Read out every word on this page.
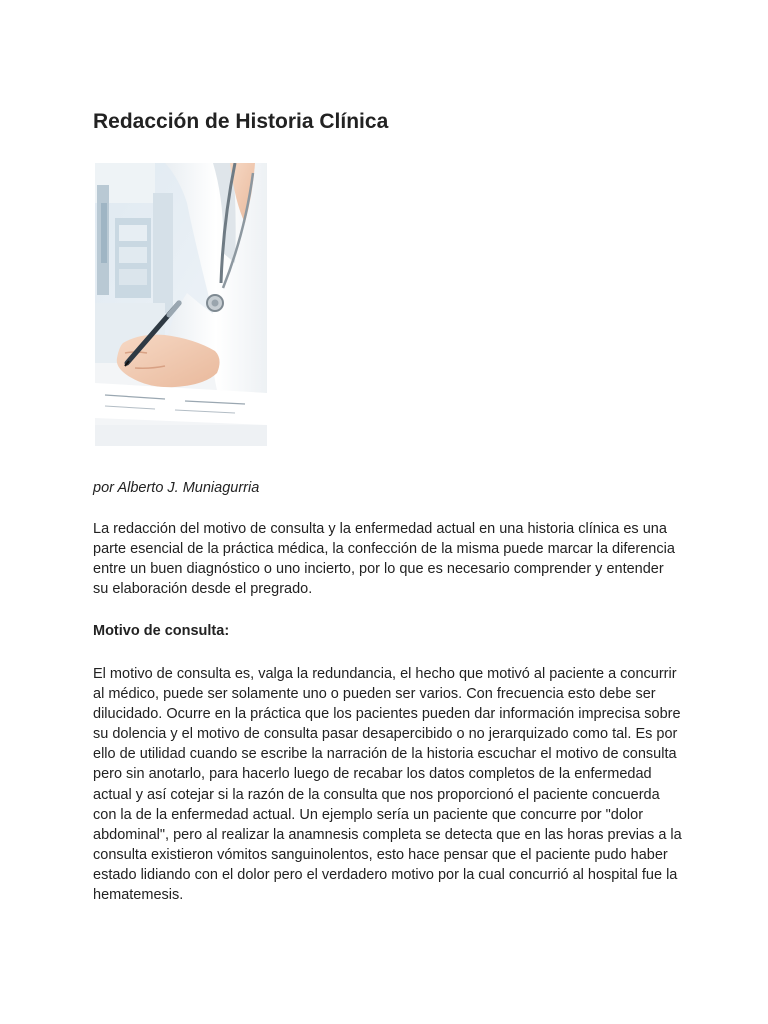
Redacción de Historia Clínica

por Alberto J. Muniagurria

La redacción del motivo de consulta y la enfermedad actual en una historia clínica es una parte esencial de la práctica médica, la confección de la misma puede marcar la diferencia entre un buen diagnóstico o uno incierto, por lo que es necesario comprender y entender su elaboración desde el pregrado.

Motivo de consulta:

El motivo de consulta es, valga la redundancia, el hecho que motivó al paciente a concurrir al médico, puede ser solamente uno o pueden ser varios. Con frecuencia esto debe ser dilucidado. Ocurre en la práctica que los pacientes pueden dar información imprecisa sobre su dolencia y el motivo de consulta pasar desapercibido o no jerarquizado como tal. Es por ello de utilidad cuando se escribe la narración de la historia escuchar el motivo de consulta pero sin anotarlo, para hacerlo luego de recabar los datos completos de la enfermedad actual y así cotejar si la razón de la consulta que nos proporcionó el paciente concuerda con la de la enfermedad actual. Un ejemplo sería un paciente que concurre por "dolor abdominal", pero al realizar la anamnesis completa se detecta que en las horas previas a la consulta existieron vómitos sanguinolentos, esto hace pensar que el paciente pudo haber estado lidiando con el dolor pero el verdadero motivo por la cual concurrió al hospital fue la hematemesis.
